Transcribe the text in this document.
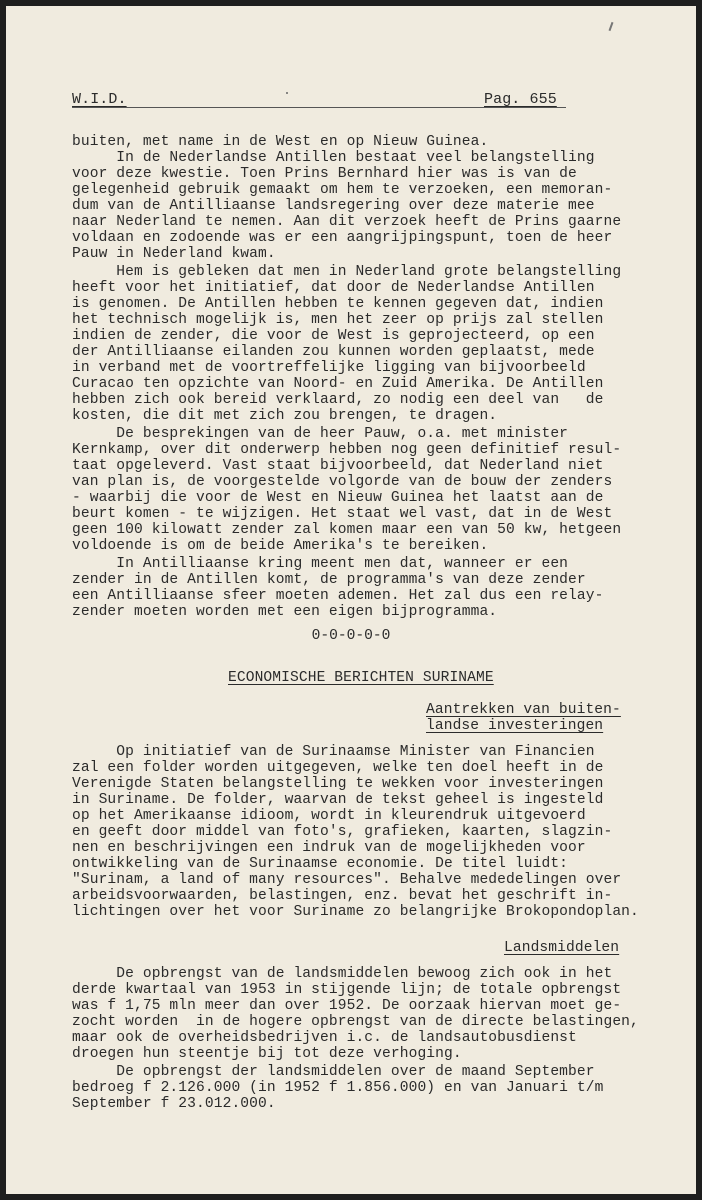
W.I.D.	Pag. 655
buiten, met name in de West en op Nieuw Guinea.
In de Nederlandse Antillen bestaat veel belangstelling
voor deze kwestie. Toen Prins Bernhard hier was is van de
gelegenheid gebruik gemaakt om hem te verzoeken, een memoran-
dum van de Antilliaanse landsregering over deze materie mee
naar Nederland te nemen. Aan dit verzoek heeft de Prins gaarne
voldaan en zodoende was er een aangrijpingspunt, toen de heer
Pauw in Nederland kwam.
Hem is gebleken dat men in Nederland grote belangstelling
heeft voor het initiatief, dat door de Nederlandse Antillen
is genomen. De Antillen hebben te kennen gegeven dat, indien
het technisch mogelijk is, men het zeer op prijs zal stellen
indien de zender, die voor de West is geprojecteerd, op een
der Antilliaanse eilanden zou kunnen worden geplaatst, mede
in verband met de voortreffelijke ligging van bijvoorbeeld
Curacao ten opzichte van Noord- en Zuid Amerika. De Antillen
hebben zich ook bereid verklaard, zo nodig een deel van   de
kosten, die dit met zich zou brengen, te dragen.
De besprekingen van de heer Pauw, o.a. met minister
Kernkamp, over dit onderwerp hebben nog geen definitief resul-
taat opgeleverd. Vast staat bijvoorbeeld, dat Nederland niet
van plan is, de voorgestelde volgorde van de bouw der zenders
- waarbij die voor de West en Nieuw Guinea het laatst aan de
beurt komen - te wijzigen. Het staat wel vast, dat in de West
geen 100 kilowatt zender zal komen maar een van 50 kw, hetgeen
voldoende is om de beide Amerika's te bereiken.
In Antilliaanse kring meent men dat, wanneer er een
zender in de Antillen komt, de programma's van deze zender
een Antilliaanse sfeer moeten ademen. Het zal dus een relay-
zender moeten worden met een eigen bijprogramma.
0-0-0-0-0
ECONOMISCHE BERICHTEN SURINAME
Aantrekken van buiten-
landse investeringen
Op initiatief van de Surinaamse Minister van Financien
zal een folder worden uitgegeven, welke ten doel heeft in de
Verenigde Staten belangstelling te wekken voor investeringen
in Suriname. De folder, waarvan de tekst geheel is ingesteld
op het Amerikaanse idioom, wordt in kleurendruk uitgevoerd
en geeft door middel van foto's, grafieken, kaarten, slagzin-
nen en beschrijvingen een indruk van de mogelijkheden voor
ontwikkeling van de Surinaamse economie. De titel luidt:
"Surinam, a land of many resources". Behalve mededelingen over
arbeidsvoorwaarden, belastingen, enz. bevat het geschrift in-
lichtingen over het voor Suriname zo belangrijke Brokopondoplan.
Landsmiddelen
De opbrengst van de landsmiddelen bewoog zich ook in het
derde kwartaal van 1953 in stijgende lijn; de totale opbrengst
was f 1,75 mln meer dan over 1952. De oorzaak hiervan moet ge-
zocht worden  in de hogere opbrengst van de directe belastingen,
maar ook de overheidsbedrijven i.c. de landsautobusdienst
droegen hun steentje bij tot deze verhoging.
De opbrengst der landsmiddelen over de maand September
bedroeg f 2.126.000 (in 1952 f 1.856.000) en van Januari t/m
September f 23.012.000.
